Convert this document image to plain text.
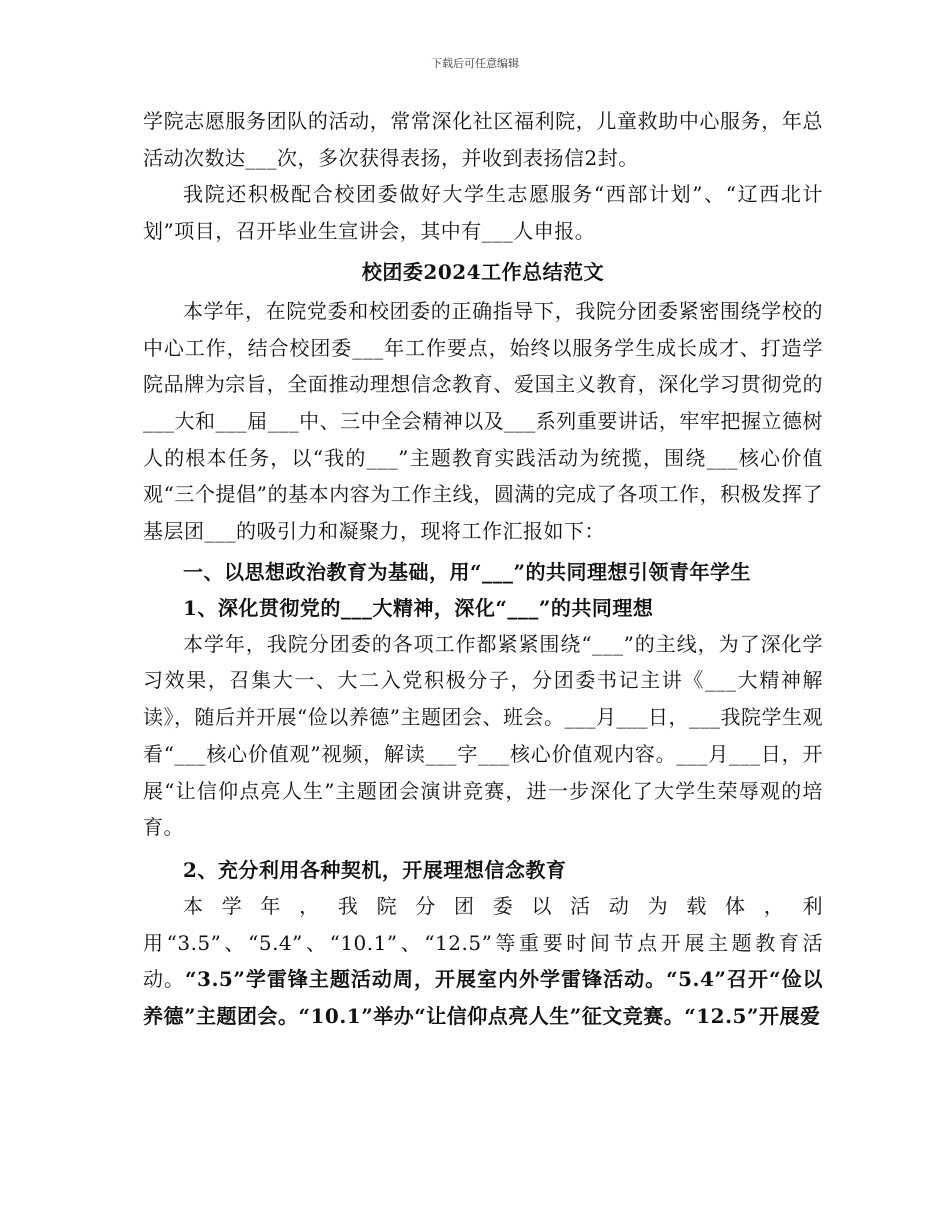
下载后可任意编辑

学院志愿服务团队的活动，常常深化社区福利院，儿童救助中心服务，年总活动次数达___次，多次获得表扬，并收到表扬信2封。

我院还积极配合校团委做好大学生志愿服务“西部计划”、“辽西北计划”项目，召开毕业生宣讲会，其中有___人申报。

校团委2024工作总结范文

本学年，在院党委和校团委的正确指导下，我院分团委紧密围绕学校的中心工作，结合校团委___年工作要点，始终以服务学生成长成才、打造学院品牌为宗旨，全面推动理想信念教育、爱国主义教育，深化学习贯彻党的___大和___届___中、三中全会精神以及___系列重要讲话，牢牢把握立德树人的根本任务，以“我的___”主题教育实践活动为统揽，围绕___核心价值观“三个提倡”的基本内容为工作主线，圆满的完成了各项工作，积极发挥了基层团___的吸引力和凝聚力，现将工作汇报如下：

一、以思想政治教育为基础，用“___”的共同理想引领青年学生

1、深化贯彻党的___大精神，深化“___”的共同理想

本学年，我院分团委的各项工作都紧紧围绕“___”的主线，为了深化学习效果，召集大一、大二入党积极分子，分团委书记主讲《___大精神解读》，随后并开展“俭以养德”主题团会、班会。___月___日，___我院学生观看“___核心价值观”视频，解读___字___核心价值观内容。___月___日，开展“让信仰点亮人生”主题团会演讲竞赛，进一步深化了大学生荣辱观的培育。

2、充分利用各种契机，开展理想信念教育

本学年，我院分团委以活动为载体，利用“3.5”、“5.4”、“10.1”、“12.5”等重要时间节点开展主题教育活动。“3.5”学雷锋主题活动周，开展室内外学雷锋活动。“5.4”召开“俭以养德”主题团会。“10.1”举办“让信仰点亮人生”征文竞赛。“12.5”开展爱
